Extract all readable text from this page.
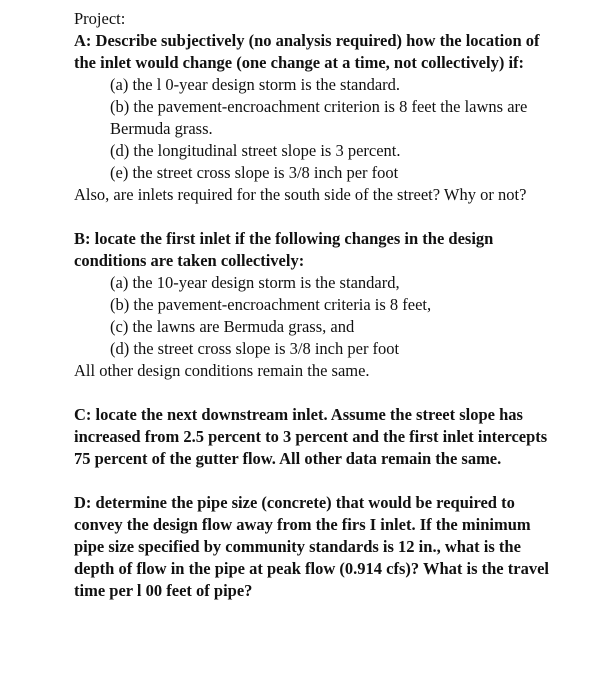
Project:
A: Describe subjectively (no analysis required) how the location of the inlet would change (one change at a time, not collectively) if:
(a) the l 0-year design storm is the standard.
(b) the pavement-encroachment criterion is 8 feet the lawns are Bermuda grass.
(d) the longitudinal street slope is 3 percent.
(e) the street cross slope is 3/8 inch per foot
Also, are inlets required for the south side of the street? Why or not?
B: locate the first inlet if the following changes in the design conditions are taken collectively:
(a) the 10-year design storm is the standard,
(b) the pavement-encroachment criteria is 8 feet,
(c) the lawns are Bermuda grass, and
(d) the street cross slope is 3/8 inch per foot
All other design conditions remain the same.
C: locate the next downstream inlet. Assume the street slope has increased from 2.5 percent to 3 percent and the first inlet intercepts 75 percent of the gutter flow. All other data remain the same.
D: determine the pipe size (concrete) that would be required to convey the design flow away from the firs I inlet. If the minimum pipe size specified by community standards is 12 in., what is the depth of flow in the pipe at peak flow (0.914 cfs)? What is the travel time per l 00 feet of pipe?
